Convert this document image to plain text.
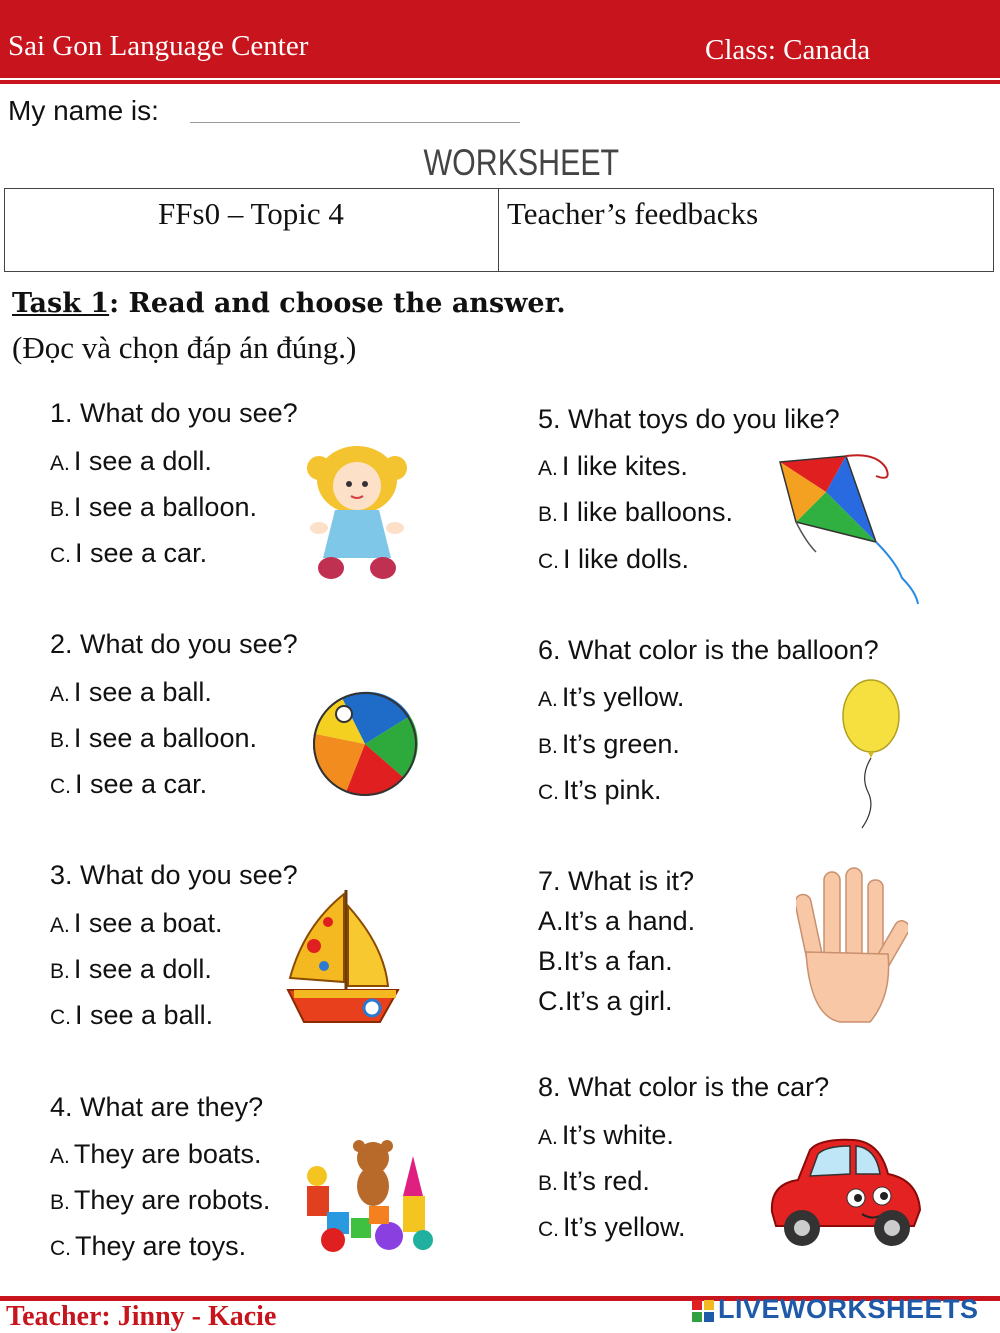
Sai Gon Language Center	Class: Canada
My name is:
WORKSHEET
FFs0 – Topic 4	Teacher’s feedbacks
Task 1: Read and choose the answer.
(Đọc và chọn đáp án đúng.)
1. What do you see?
A. I see a doll.
B. I see a balloon.
C. I see a car.
2. What do you see?
A. I see a ball.
B. I see a balloon.
C. I see a car.
3. What do you see?
A. I see a boat.
B. I see a doll.
C. I see a ball.
4. What are they?
A. They are boats.
B. They are robots.
C. They are toys.
5. What toys do you like?
A. I like kites.
B. I like balloons.
C. I like dolls.
6. What color is the balloon?
A. It’s yellow.
B. It’s green.
C. It’s pink.
7. What is it?
A.It’s a hand.
B.It’s a fan.
C.It’s a girl.
8. What color is the car?
A. It’s white.
B. It’s red.
C. It’s yellow.
Teacher: Jinny - Kacie	LIVEWORKSHEETS
